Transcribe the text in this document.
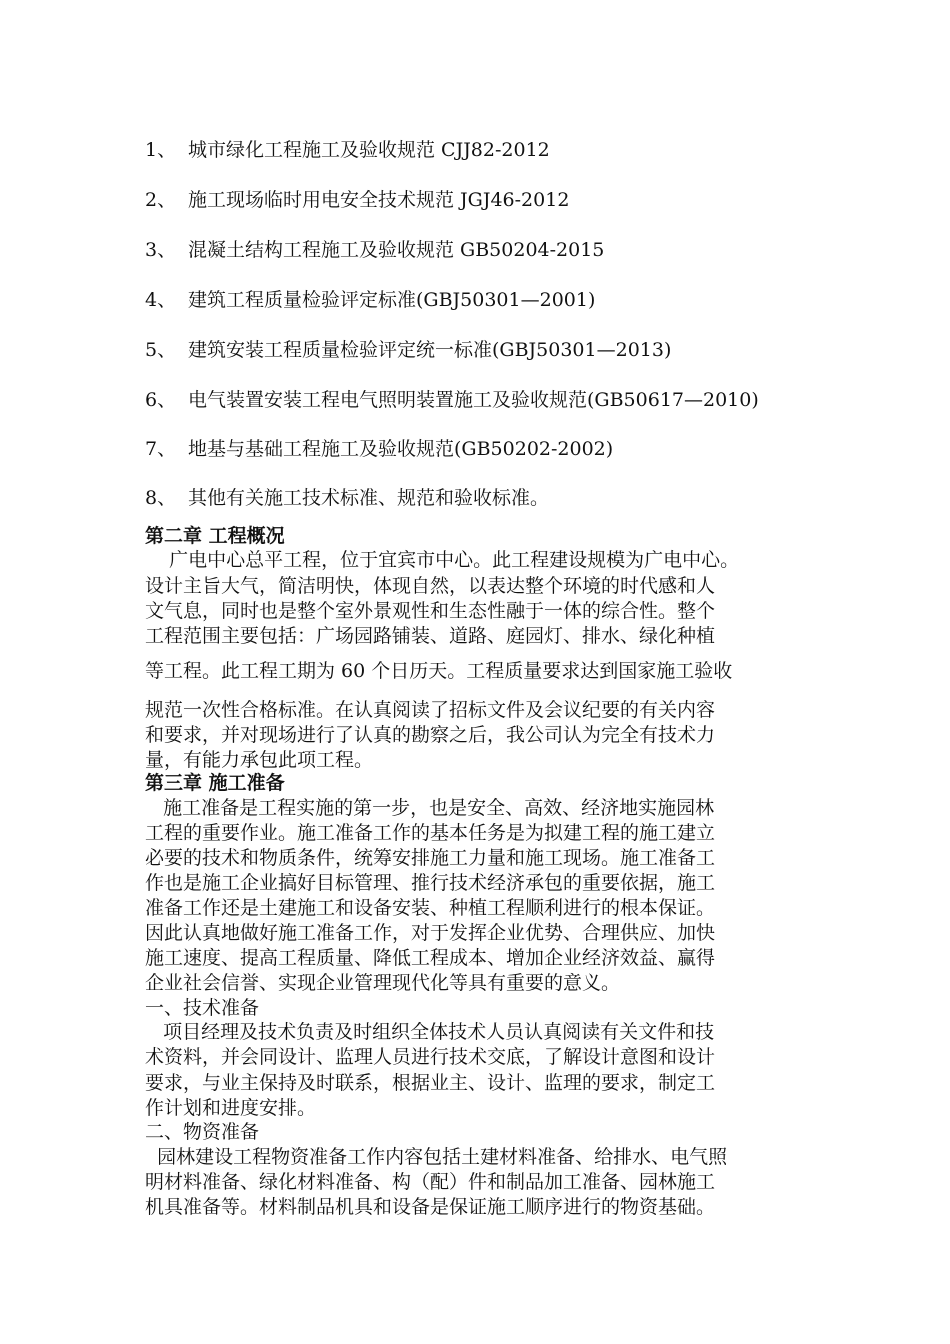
1、 城市绿化工程施工及验收规范 CJJ82-2012
2、 施工现场临时用电安全技术规范 JGJ46-2012
3、 混凝土结构工程施工及验收规范 GB50204-2015
4、 建筑工程质量检验评定标准(GBJ50301—2001)
5、 建筑安装工程质量检验评定统一标准(GBJ50301—2013)
6、 电气装置安装工程电气照明装置施工及验收规范(GB50617—2010)
7、 地基与基础工程施工及验收规范(GB50202-2002)
8、 其他有关施工技术标准、规范和验收标准。
第二章 工程概况
广电中心总平工程，位于宜宾市中心。此工程建设规模为广电中心。
设计主旨大气，简洁明快，体现自然，以表达整个环境的时代感和人
文气息，同时也是整个室外景观性和生态性融于一体的综合性。整个
工程范围主要包括：广场园路铺装、道路、庭园灯、排水、绿化种植
等工程。此工程工期为 60 个日历天。工程质量要求达到国家施工验收
规范一次性合格标准。在认真阅读了招标文件及会议纪要的有关内容
和要求，并对现场进行了认真的勘察之后，我公司认为完全有技术力
量，有能力承包此项工程。
第三章 施工准备
施工准备是工程实施的第一步，也是安全、高效、经济地实施园林
工程的重要作业。施工准备工作的基本任务是为拟建工程的施工建立
必要的技术和物质条件，统筹安排施工力量和施工现场。施工准备工
作也是施工企业搞好目标管理、推行技术经济承包的重要依据，施工
准备工作还是土建施工和设备安装、种植工程顺利进行的根本保证。
因此认真地做好施工准备工作，对于发挥企业优势、合理供应、加快
施工速度、提高工程质量、降低工程成本、增加企业经济效益、赢得
企业社会信誉、实现企业管理现代化等具有重要的意义。
一、技术准备
项目经理及技术负责及时组织全体技术人员认真阅读有关文件和技
术资料，并会同设计、监理人员进行技术交底，了解设计意图和设计
要求，与业主保持及时联系，根据业主、设计、监理的要求，制定工
作计划和进度安排。
二、物资准备
园林建设工程物资准备工作内容包括土建材料准备、给排水、电气照
明材料准备、绿化材料准备、构（配）件和制品加工准备、园林施工
机具准备等。材料制品机具和设备是保证施工顺序进行的物资基础。
